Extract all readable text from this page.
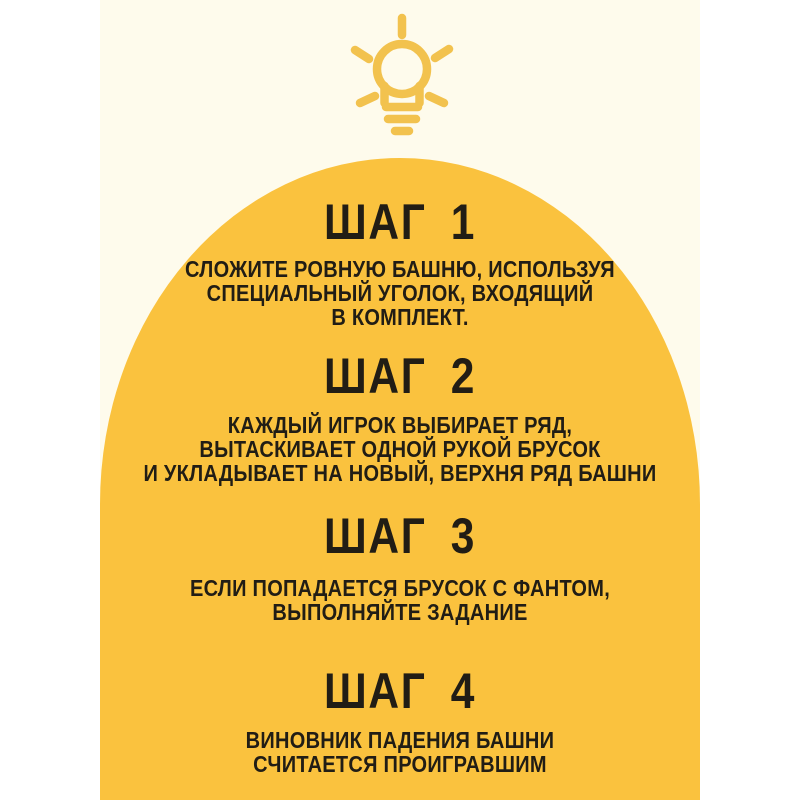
ШАГ 1
СЛОЖИТЕ РОВНУЮ БАШНЮ, ИСПОЛЬЗУЯ
СПЕЦИАЛЬНЫЙ УГОЛОК, ВХОДЯЩИЙ
В КОМПЛЕКТ.
ШАГ 2
КАЖДЫЙ ИГРОК ВЫБИРАЕТ РЯД,
ВЫТАСКИВАЕТ ОДНОЙ РУКОЙ БРУСОК
И УКЛАДЫВАЕТ НА НОВЫЙ, ВЕРХНЯ РЯД БАШНИ
ШАГ 3
ЕСЛИ ПОПАДАЕТСЯ БРУСОК С ФАНТОМ,
ВЫПОЛНЯЙТЕ ЗАДАНИЕ
ШАГ 4
ВИНОВНИК ПАДЕНИЯ БАШНИ
СЧИТАЕТСЯ ПРОИГРАВШИМ
